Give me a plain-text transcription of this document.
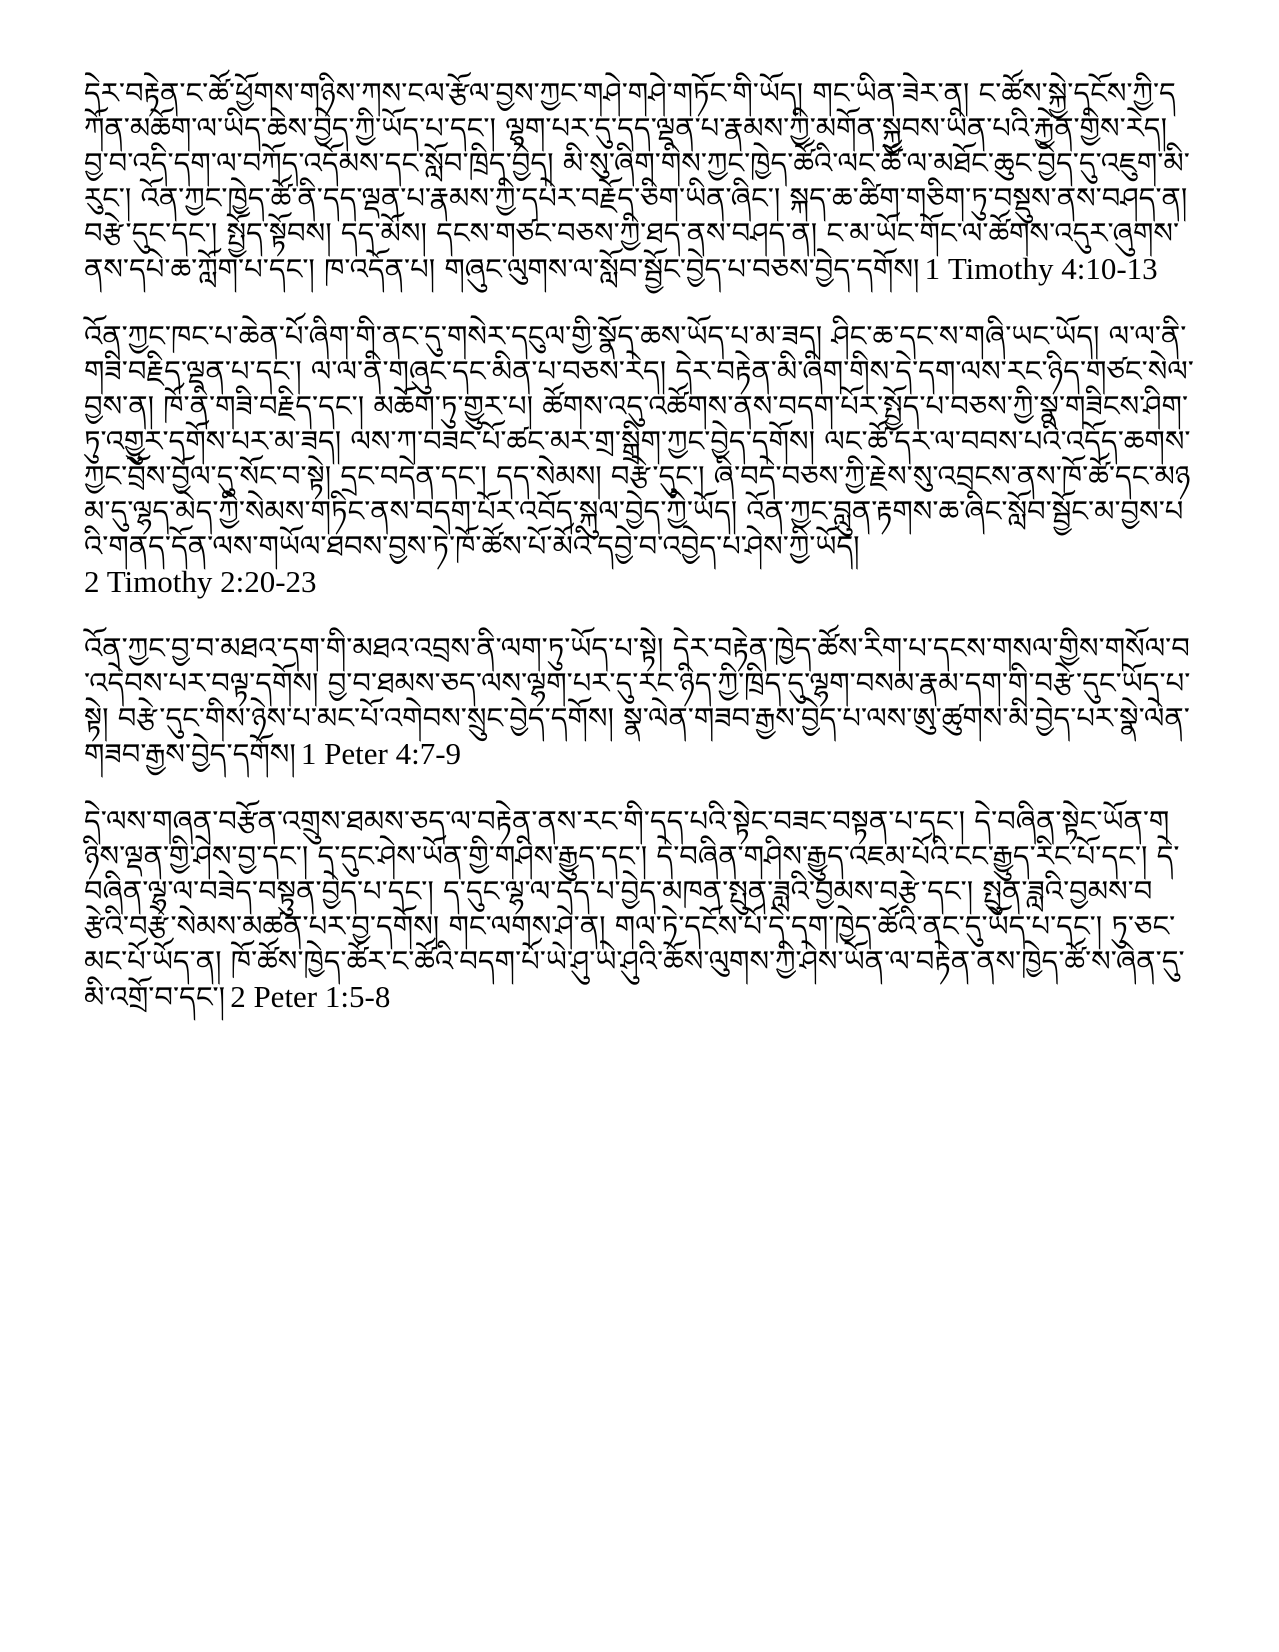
དེར་བརྟེན་ང་ཚོ་ཕྱོགས་གཉིས་ཀས་ངལ་རྩོལ་བྱས་ཀྱང་གཤེ་གཤེ་གཏོང་གི་ཡོད། གང་ཡིན་ཟེར་ན། ང་ཚོས་སྐྱེ་དངོས་ཀྱི་དཀོན་མཆོག་ལ་ཡིད་ཆེས་བྱེད་ཀྱི་ཡོད་པ་དང་། ལྷག་པར་དུ་དད་ལྡན་པ་རྣམས་ཀྱི་མགོན་སྐྱབས་ཡིན་པའི་རྐྱེན་གྱིས་རེད། བྱ་བ་འདི་དག་ལ་བཀོད་འདོམས་དང་སློབ་ཁྲིད་བྱེད། མི་སུ་ཞིག་གིས་ཀྱང་ཁྱེད་ཚོའི་ལང་ཚོ་ལ་མཐོང་ཆུང་བྱེད་དུ་འཇུག་མི་རུང་། འོན་ཀྱང་ཁྱེད་ཚོ་ནི་དད་ལྡན་པ་རྣམས་ཀྱི་དཔེར་བརྗོད་ཅིག་ཡིན་ཞིང་། སྐད་ཆ་ཚིག་གཅིག་ཏུ་བསྡུས་ནས་བཤད་ན། བརྩེ་དུང་དང་། སྤྱོད་སྟོབས། དད་མོས། དངས་གཙང་བཅས་ཀྱི་ཐད་ནས་བཤད་ན། ང་མ་ཡོང་གོང་ལ་ཚོགས་འདུར་ཞུགས་ནས་དཔེ་ཆ་ཀློག་པ་དང་། ཁ་འདོན་པ། གཞུང་ལུགས་ལ་སློབ་སྦྱོང་བྱེད་པ་བཅས་བྱེད་དགོས། 1 Timothy 4:10-13
འོན་ཀྱང་ཁང་པ་ཆེན་པོ་ཞིག་གི་ནང་དུ་གསེར་དངུལ་གྱི་སྣོད་ཆས་ཡོད་པ་མ་ཟད། ཤིང་ཆ་དང་ས་གཞི་ཡང་ཡོད། ལ་ལ་ནི་གཟི་བརྗིད་ལྡན་པ་དང་། ལ་ལ་ནི་གཞུང་དང་མིན་པ་བཅས་རེད། དེར་བརྟེན་མི་ཞིག་གིས་དེ་དག་ལས་རང་ཉིད་གཙང་སེལ་བྱས་ན། ཁོ་ནི་གཟི་བརྗིད་དང་། མཆོག་ཏུ་གྱུར་པ། ཚོགས་འདུ་འཚོགས་ནས་བདག་པོར་སྤྱོད་པ་བཅས་ཀྱི་སྣ་གཟིངས་ཤིག་ཏུ་འགྱུར་དགོས་པར་མ་ཟད། ལས་ཀ་བཟང་པོ་ཚང་མར་གྲ་སྒྲིག་ཀྱང་བྱེད་དགོས། ལང་ཚོ་དར་ལ་བབས་པའི་འདོད་ཆགས་ཀྱང་བྲོས་བྱོལ་དུ་སོང་བ་སྟེ། དྲང་བདེན་དང་། དད་སེམས། བརྩེ་དུང་། ཞི་བདེ་བཅས་ཀྱི་རྗེས་སུ་འབྲངས་ནས་ཁོ་ཚོ་དང་མཉམ་དུ་ལྷད་མེད་ཀྱི་སེམས་གཏིང་ནས་བདག་པོར་འབོད་སྐུལ་བྱེད་ཀྱི་ཡོད། འོན་ཀྱང་བླུན་རྟགས་ཆ་ཞིང་སློབ་སྦྱོང་མ་བྱས་པའི་གནད་དོན་ལས་གཡོལ་ཐབས་བྱས་ཏེ་ཁོ་ཚོས་པོ་མོའི་དབྱེ་བ་འབྱེད་པ་ཤེས་ཀྱི་ཡོད།
2 Timothy 2:20-23
འོན་ཀྱང་བྱ་བ་མཐའ་དག་གི་མཐའ་འབྲས་ནི་ལག་ཏུ་ཡོད་པ་སྟེ། དེར་བརྟེན་ཁྱེད་ཚོས་རིག་པ་དངས་གསལ་གྱིས་གསོལ་བ་འདེབས་པར་བལྟ་དགོས། བྱ་བ་ཐམས་ཅད་ལས་ལྷག་པར་དུ་རང་ཉིད་ཀྱི་ཁྲིད་དུ་ལྷག་བསམ་རྣམ་དག་གི་བརྩེ་དུང་ཡོད་པ་སྟེ། བརྩེ་དུང་གིས་ཉེས་པ་མང་པོ་འགེབས་སྲུང་བྱེད་དགོས། སྣ་ལེན་གཟབ་རྒྱས་བྱེད་པ་ལས་ཨུ་ཚུགས་མི་བྱེད་པར་སྣེ་ལེན་གཟབ་རྒྱས་བྱེད་དགོས། 1 Peter 4:7-9
དེ་ལས་གཞན་བརྩོན་འགྲུས་ཐམས་ཅད་ལ་བརྟེན་ནས་རང་གི་དད་པའི་སྟེང་བཟང་བསྟན་པ་དང་། དེ་བཞིན་སྟེང་ཡོན་གཉིས་ལྡན་གྱི་ཤེས་བྱ་དང་། ད་དུང་ཤེས་ཡོན་གྱི་གཤིས་རྒྱུད་དང་། དེ་བཞིན་གཤིས་རྒྱུད་འཇམ་པོའི་ངང་རྒྱུད་རིང་པོ་དང་། དེ་བཞིན་ལྷ་ལ་བཟེད་བསྟུན་བྱེད་པ་དང་། ད་དུང་ལྷ་ལ་དད་པ་བྱེད་མཁན་སྤུན་ཟླའི་བྱམས་བརྩེ་དང་། སྤུན་ཟླའི་བྱམས་བརྩེའི་བརྩེ་སེམས་མཚན་པར་བྱ་དགོས། གང་ལགས་ཤེ་ན། གལ་ཏེ་དངོས་པོ་དེ་དག་ཁྱེད་ཚོའི་ནང་དུ་ཡོད་པ་དང་། ཏུ་ཅང་མང་པོ་ཡོད་ན། ཁོ་ཚོས་ཁྱེད་ཚོར་ང་ཚོའི་བདག་པོ་ཡེ་ཤུ་ཡེ་ཤུའི་ཆོས་ལུགས་ཀྱི་ཤེས་ཡོན་ལ་བརྟེན་ནས་ཁྱེད་ཚོ་ས་ཞེན་དུ་མི་འགྲོ་བ་དང་། 2 Peter 1:5-8
